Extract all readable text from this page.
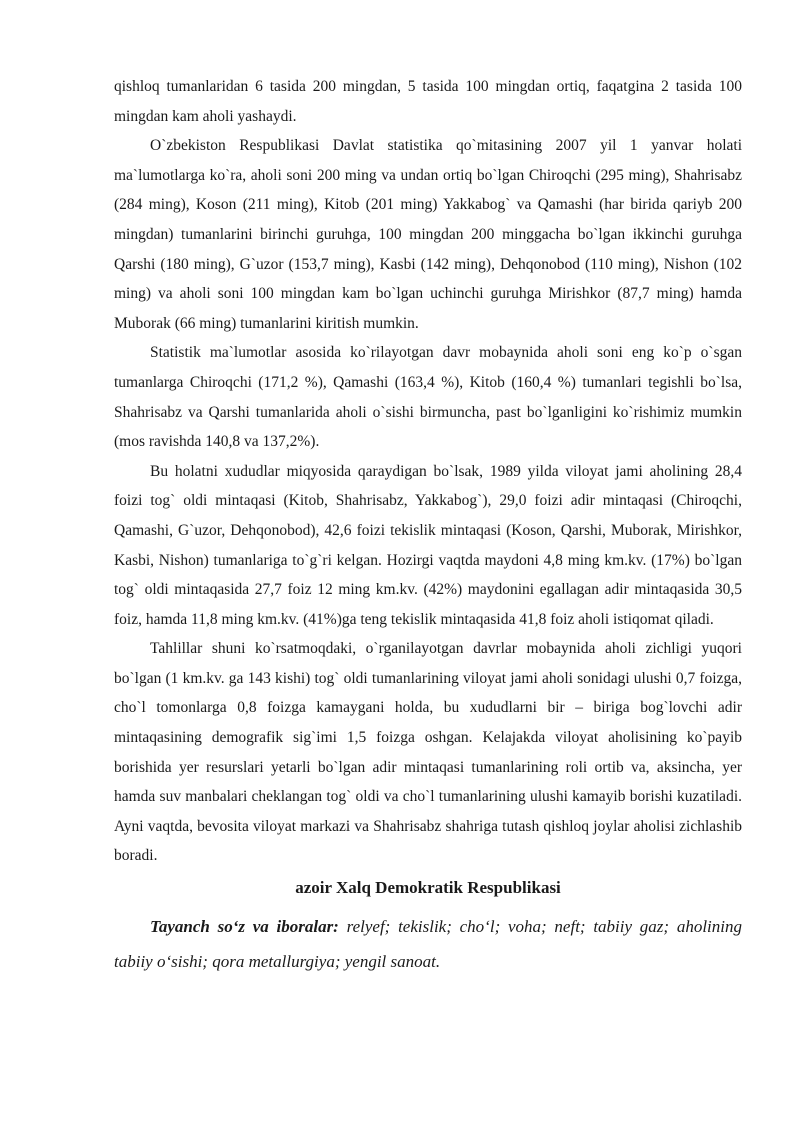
qishloq tumanlaridan 6 tasida 200 mingdan, 5 tasida 100 mingdan ortiq, faqatgina 2 tasida 100 mingdan kam aholi yashaydi.

O`zbekiston Respublikasi Davlat statistika qo`mitasining 2007 yil 1 yanvar holati ma`lumotlarga ko`ra, aholi soni 200 ming va undan ortiq bo`lgan Chiroqchi (295 ming), Shahrisabz (284 ming), Koson (211 ming), Kitob (201 ming) Yakkabog` va Qamashi (har birida qariyb 200 mingdan) tumanlarini birinchi guruhga, 100 mingdan 200 minggacha bo`lgan ikkinchi guruhga Qarshi (180 ming), G`uzor (153,7 ming), Kasbi (142 ming), Dehqonobod (110 ming), Nishon (102 ming) va aholi soni 100 mingdan kam bo`lgan uchinchi guruhga Mirishkor (87,7 ming) hamda Muborak (66 ming) tumanlarini kiritish mumkin.

Statistik ma`lumotlar asosida ko`rilayotgan davr mobaynida aholi soni eng ko`p o`sgan tumanlarga Chiroqchi (171,2 %), Qamashi (163,4 %), Kitob (160,4 %) tumanlari tegishli bo`lsa, Shahrisabz va Qarshi tumanlarida aholi o`sishi birmuncha, past bo`lganligini ko`rishimiz mumkin (mos ravishda 140,8 va 137,2%).

Bu holatni xududlar miqyosida qaraydigan bo`lsak, 1989 yilda viloyat jami aholining 28,4 foizi tog` oldi mintaqasi (Kitob, Shahrisabz, Yakkabog`), 29,0 foizi adir mintaqasi (Chiroqchi, Qamashi, G`uzor, Dehqonobod), 42,6 foizi tekislik mintaqasi (Koson, Qarshi, Muborak, Mirishkor, Kasbi, Nishon) tumanlariga to`g`ri kelgan. Hozirgi vaqtda maydoni 4,8 ming km.kv. (17%) bo`lgan tog` oldi mintaqasida 27,7 foiz 12 ming km.kv. (42%) maydonini egallagan adir mintaqasida 30,5 foiz, hamda 11,8 ming km.kv. (41%)ga teng tekislik mintaqasida 41,8 foiz aholi istiqomat qiladi.

Tahlillar shuni ko`rsatmoqdaki, o`rganilayotgan davrlar mobaynida aholi zichligi yuqori bo`lgan (1 km.kv. ga 143 kishi) tog` oldi tumanlarining viloyat jami aholi sonidagi ulushi 0,7 foizga, cho`l tomonlarga 0,8 foizga kamaygani holda, bu xududlarni bir – biriga bog`lovchi adir mintaqasining demografik sig`imi 1,5 foizga oshgan. Kelajakda viloyat aholisining ko`payib borishida yer resurslari yetarli bo`lgan adir mintaqasi tumanlarining roli ortib va, aksincha, yer hamda suv manbalari cheklangan tog` oldi va cho`l tumanlarining ulushi kamayib borishi kuzatiladi. Ayni vaqtda, bevosita viloyat markazi va Shahrisabz shahriga tutash qishloq joylar aholisi zichlashib boradi.

azoir Xalq Demokratik Respublikasi

Tayanch so‘z va iboralar: relyef; tekislik; cho‘l; voha; neft; tabiiy gaz; aholining tabiiy o‘sishi; qora metallurgiya; yengil sanoat.
